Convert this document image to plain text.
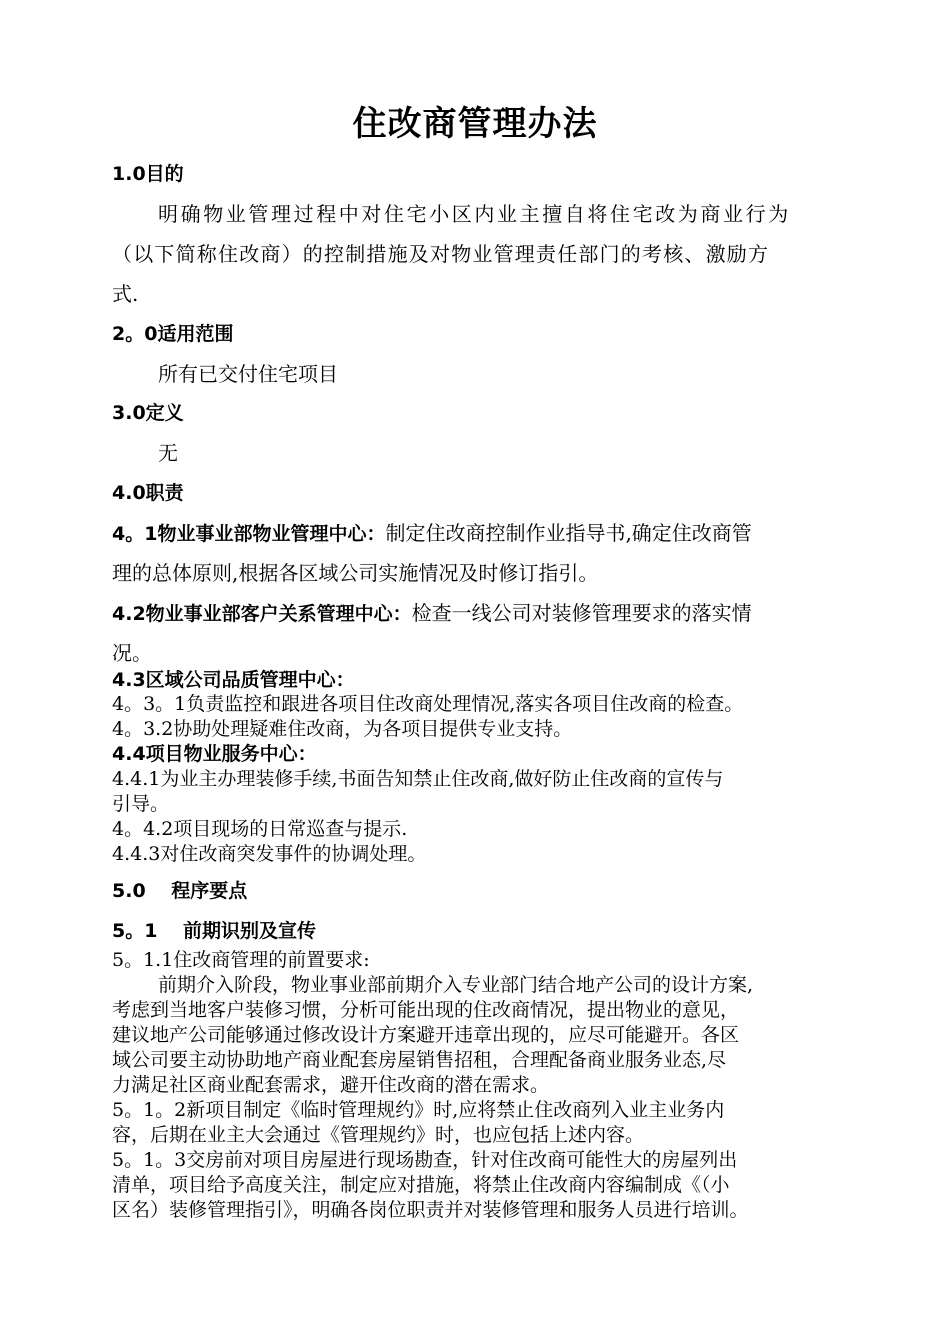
住改商管理办法
1.0目的
明确物业管理过程中对住宅小区内业主擅自将住宅改为商业行为
（以下简称住改商）的控制措施及对物业管理责任部门的考核、激励方
式.
2。0适用范围
所有已交付住宅项目
3.0定义
无
4.0职责
4。1物业事业部物业管理中心：制定住改商控制作业指导书,确定住改商管
理的总体原则,根据各区域公司实施情况及时修订指引。
4.2物业事业部客户关系管理中心：检查一线公司对装修管理要求的落实情
况。
4.3区域公司品质管理中心：
4。3。1负责监控和跟进各项目住改商处理情况,落实各项目住改商的检查。
4。3.2协助处理疑难住改商，为各项目提供专业支持。
4.4项目物业服务中心：
4.4.1为业主办理装修手续,书面告知禁止住改商,做好防止住改商的宣传与
引导。
4。4.2项目现场的日常巡查与提示.
4.4.3对住改商突发事件的协调处理。
5.0　 程序要点
5。1　 前期识别及宣传
5。1.1住改商管理的前置要求:
前期介入阶段，物业事业部前期介入专业部门结合地产公司的设计方案,
考虑到当地客户装修习惯，分析可能出现的住改商情况，提出物业的意见，
建议地产公司能够通过修改设计方案避开违章出现的，应尽可能避开。各区
域公司要主动协助地产商业配套房屋销售招租，合理配备商业服务业态,尽
力满足社区商业配套需求，避开住改商的潜在需求。
5。1。2新项目制定《临时管理规约》时,应将禁止住改商列入业主业务内
容，后期在业主大会通过《管理规约》时，也应包括上述内容。
5。1。3交房前对项目房屋进行现场勘查，针对住改商可能性大的房屋列出
清单，项目给予高度关注，制定应对措施，将禁止住改商内容编制成《（小
区名）装修管理指引》，明确各岗位职责并对装修管理和服务人员进行培训。
